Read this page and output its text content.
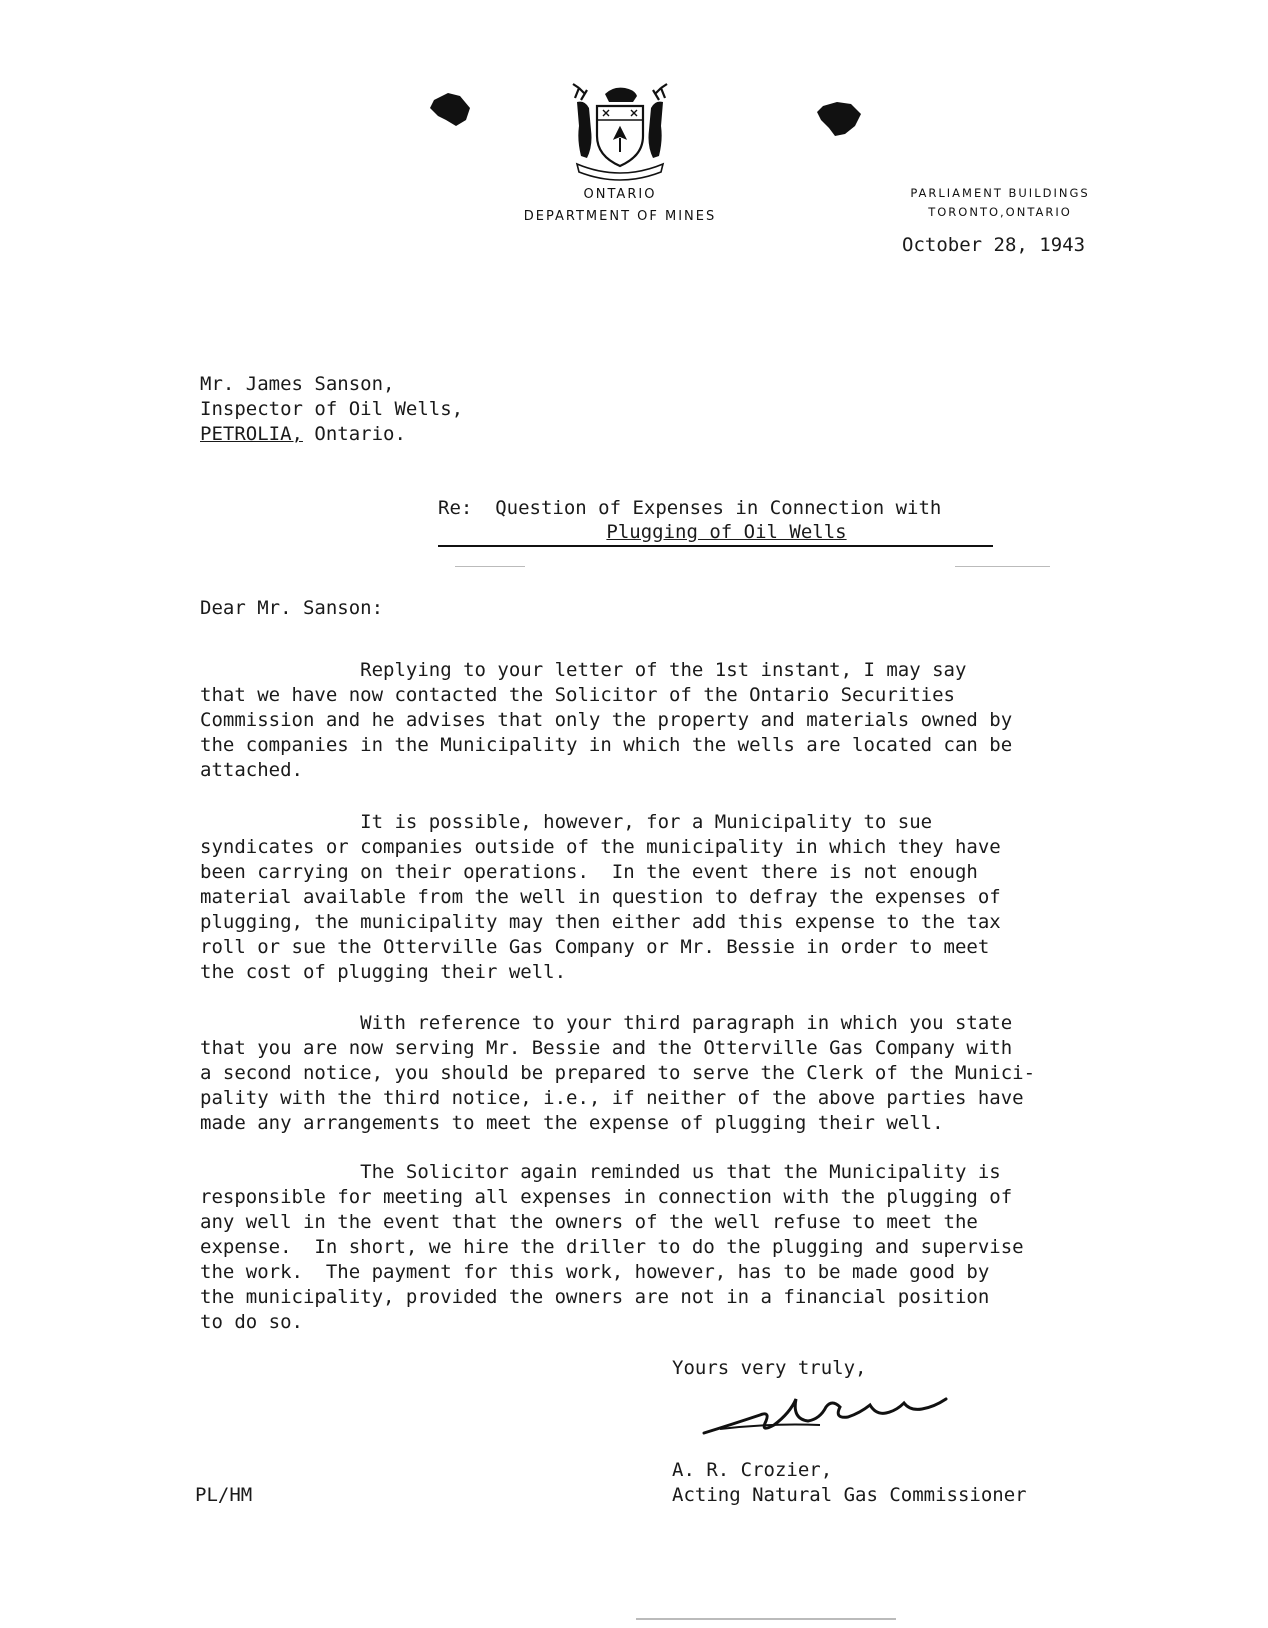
ONTARIO
DEPARTMENT OF MINES
PARLIAMENT BUILDINGS
TORONTO,ONTARIO
October 28, 1943
Mr. James Sanson,
Inspector of Oil Wells,
PETROLIA, Ontario.
Re: Question of Expenses in Connection with
Plugging of Oil Wells
Dear Mr. Sanson:
Replying to your letter of the 1st instant, I may say
that we have now contacted the Solicitor of the Ontario Securities
Commission and he advises that only the property and materials owned by
the companies in the Municipality in which the wells are located can be
attached.
It is possible, however, for a Municipality to sue
syndicates or companies outside of the municipality in which they have
been carrying on their operations.  In the event there is not enough
material available from the well in question to defray the expenses of
plugging, the municipality may then either add this expense to the tax
roll or sue the Otterville Gas Company or Mr. Bessie in order to meet
the cost of plugging their well.
With reference to your third paragraph in which you state
that you are now serving Mr. Bessie and the Otterville Gas Company with
a second notice, you should be prepared to serve the Clerk of the Munici-
pality with the third notice, i.e., if neither of the above parties have
made any arrangements to meet the expense of plugging their well.
The Solicitor again reminded us that the Municipality is
responsible for meeting all expenses in connection with the plugging of
any well in the event that the owners of the well refuse to meet the
expense.  In short, we hire the driller to do the plugging and supervise
the work.  The payment for this work, however, has to be made good by
the municipality, provided the owners are not in a financial position
to do so.
Yours very truly,
A. R. Crozier,
Acting Natural Gas Commissioner
PL/HM
